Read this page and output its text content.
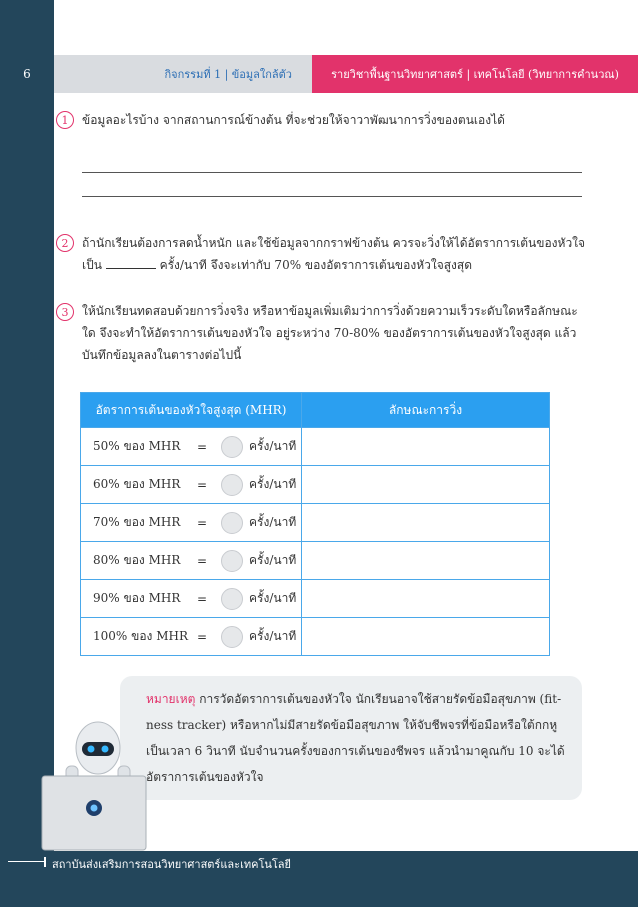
6	กิจกรรมที่ 1 | ข้อมูลใกล้ตัว	รายวิชาพื้นฐานวิทยาศาสตร์ | เทคโนโลยี (วิทยาการคำนวณ)
1	ข้อมูลอะไรบ้าง จากสถานการณ์ข้างต้น ที่จะช่วยให้จาวาพัฒนาการวิ่งของตนเองได้
2	ถ้านักเรียนต้องการลดน้ำหนัก และใช้ข้อมูลจากกราฟข้างต้น ควรจะวิ่งให้ได้อัตราการเต้นของหัวใจ
เป็น	ครั้ง/นาที จึงจะเท่ากับ 70% ของอัตราการเต้นของหัวใจสูงสุด
3	ให้นักเรียนทดสอบด้วยการวิ่งจริง หรือหาข้อมูลเพิ่มเติมว่าการวิ่งด้วยความเร็วระดับใดหรือลักษณะ
ใด จึงจะทำให้อัตราการเต้นของหัวใจ อยู่ระหว่าง 70-80% ของอัตราการเต้นของหัวใจสูงสุด แล้ว
บันทึกข้อมูลลงในตารางต่อไปนี้
อัตราการเต้นของหัวใจสูงสุด (MHR)	ลักษณะการวิ่ง

50% ของ MHR = ครั้ง/นาที	

60% ของ MHR = ครั้ง/นาที	

70% ของ MHR = ครั้ง/นาที	

80% ของ MHR = ครั้ง/นาที	

90% ของ MHR = ครั้ง/นาที	

100% ของ MHR = ครั้ง/นาที	

หมายเหตุ การวัดอัตราการเต้นของหัวใจ นักเรียนอาจใช้สายรัดข้อมือสุขภาพ (fit-
ness tracker) หรือหากไม่มีสายรัดข้อมือสุขภาพ ให้จับชีพจรที่ข้อมือหรือใต้กกหู
เป็นเวลา 6 วินาที นับจำนวนครั้งของการเต้นของชีพจร แล้วนำมาคูณกับ 10 จะได้
อัตราการเต้นของหัวใจ
สถาบันส่งเสริมการสอนวิทยาศาสตร์และเทคโนโลยี
